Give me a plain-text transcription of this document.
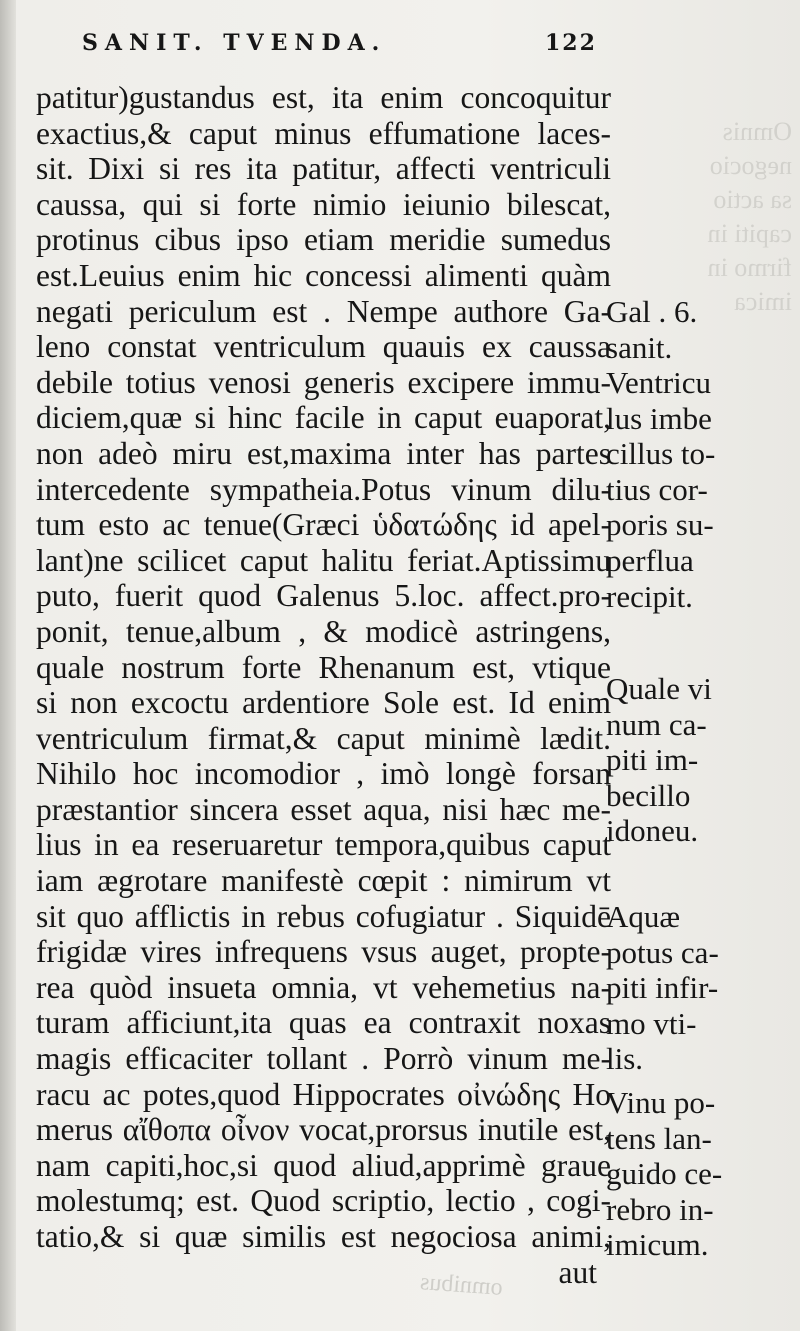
Omnis
negocio
sa actio
capiti in
firmo in
imica
omnibus
SANIT. TVENDA.	122
patitur)gustandus est, ita enim concoquitur
exactius,& caput minus effumatione laces-
sit. Dixi si res ita patitur, affecti ventriculi
caussa, qui si forte nimio ieiunio bilescat,
protinus cibus ipso etiam meridie sumedus
est.Leuius enim hic concessi alimenti quàm
negati periculum est . Nempe authore Ga-
leno constat ventriculum quauis ex caussa
debile totius venosi generis excipere immu-
diciem,quæ si hinc facile in caput euaporat,
non adeò miru est,maxima inter has partes
intercedente sympatheia.Potus vinum dilu-
tum esto ac tenue(Græci ὑδατώδης id apel-
lant)ne scilicet caput halitu feriat.Aptissimu
puto, fuerit quod Galenus 5.loc. affect.pro-
ponit, tenue,album , & modicè astringens,
quale nostrum forte Rhenanum est, vtique
si non excoctu ardentiore Sole est. Id enim
ventriculum firmat,& caput minimè lædit.
Nihilo hoc incomodior , imò longè forsan
præstantior sincera esset aqua, nisi hæc me-
lius in ea reseruaretur tempora,quibus caput
iam ægrotare manifestè cœpit : nimirum vt
sit quo afflictis in rebus cofugiatur . Siquidē
frigidæ vires infrequens vsus auget, propte-
rea quòd insueta omnia, vt vehemetius na-
turam afficiunt,ita quas ea contraxit noxas
magis efficaciter tollant . Porrò vinum me-
racu ac potes,quod Hippocrates οἰνώδης Ho
merus αἴθοπα οἶνον vocat,prorsus inutile est,
nam capiti,hoc,si quod aliud,apprimè graue
molestumq; est. Quod scriptio, lectio , cogi-
tatio,& si quæ similis est negociosa animi,
aut
Gal . 6.
sanit.
Ventricu
lus imbe
cillus to-
tius cor-
poris su-
perflua
recipit.
Quale vi
num ca-
piti im-
becillo
idoneu.
Aquæ
potus ca-
piti infir-
mo vti-
lis.
Vinu po-
tens lan-
guido ce-
rebro in-
imicum.
